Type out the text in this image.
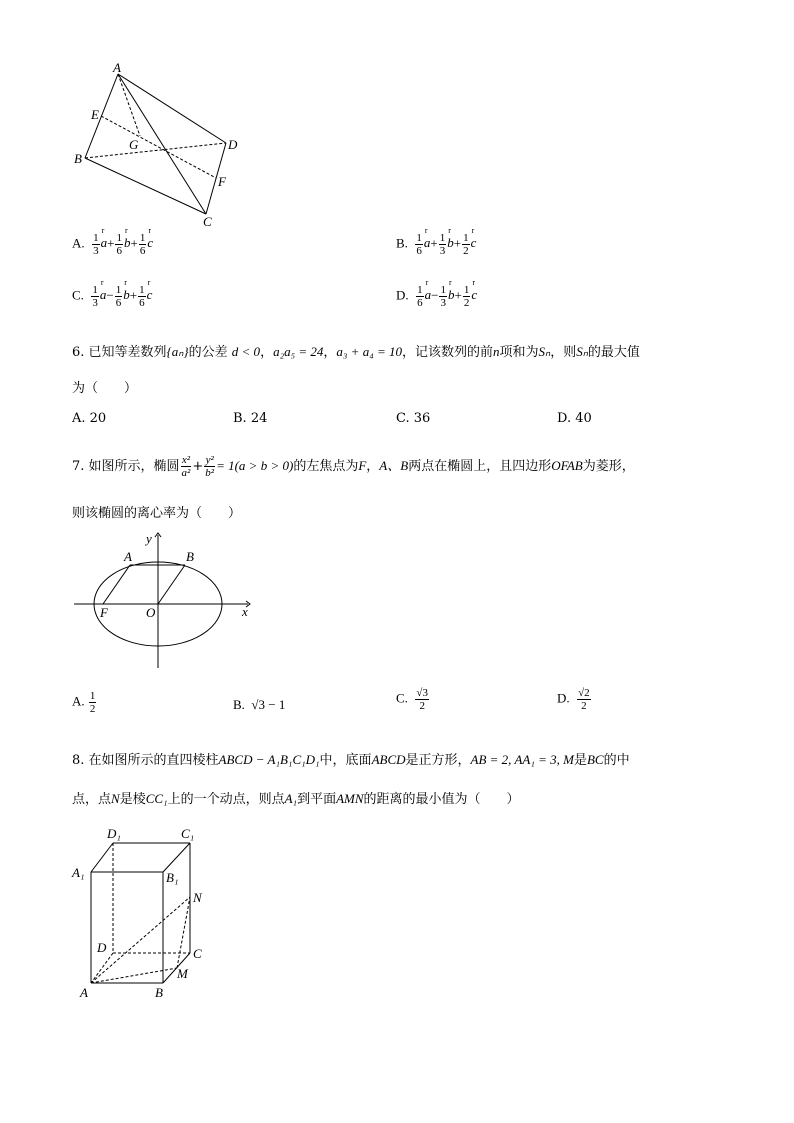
A
E
G	D
B
F
C
A. $\frac{1}{3}$ r $a+ \frac{1}{6}$ r $b+ \frac{1}{6}$ r c	B. $\frac{1}{6}$ r $a+ \frac{1}{3}$ r $b+ \frac{1}{2}$ r c
C. $\frac{1}{3}$ r $a- \frac{1}{6}$ r $b+ \frac{1}{6}$ r c	D. $\frac{1}{6}$ r $a- \frac{1}{3}$ r $b+ \frac{1}{2}$ r c
6. 已知等差数列{aₙ}的公差 d < 0，a₂a₅ = 24，a₃ + a₄ = 10，记该数列的前n项和为Sₙ，则Sₙ的最大值
为（　　）
A. 20	B. 24	C. 36	D. 40
7. 如图所示，椭圆 $\frac{\text{x²}}{\text{a²}} + \frac{\text{y²}}{\text{b²}} = 1(a > b > 0)$的左焦点为F，A、B两点在椭圆上，且四边形OFAB为菱形，
则该椭圆的离心率为（　　）
y
A	B
F	O	x
A. $\frac{1}{2}$	B. √3 − 1	C. $\frac{√3}{2}$	D. $\frac{√2}{2}$
8. 在如图所示的直四棱柱ABCD − A₁B₁C₁D₁中，底面ABCD是正方形，AB = 2, AA₁ = 3, M是BC的中
点，点N是棱CC₁上的一个动点，则点A₁到平面AMN的距离的最小值为（　　）
D₁	C₁
A₁	B₁
N
D	C
M
A	B
